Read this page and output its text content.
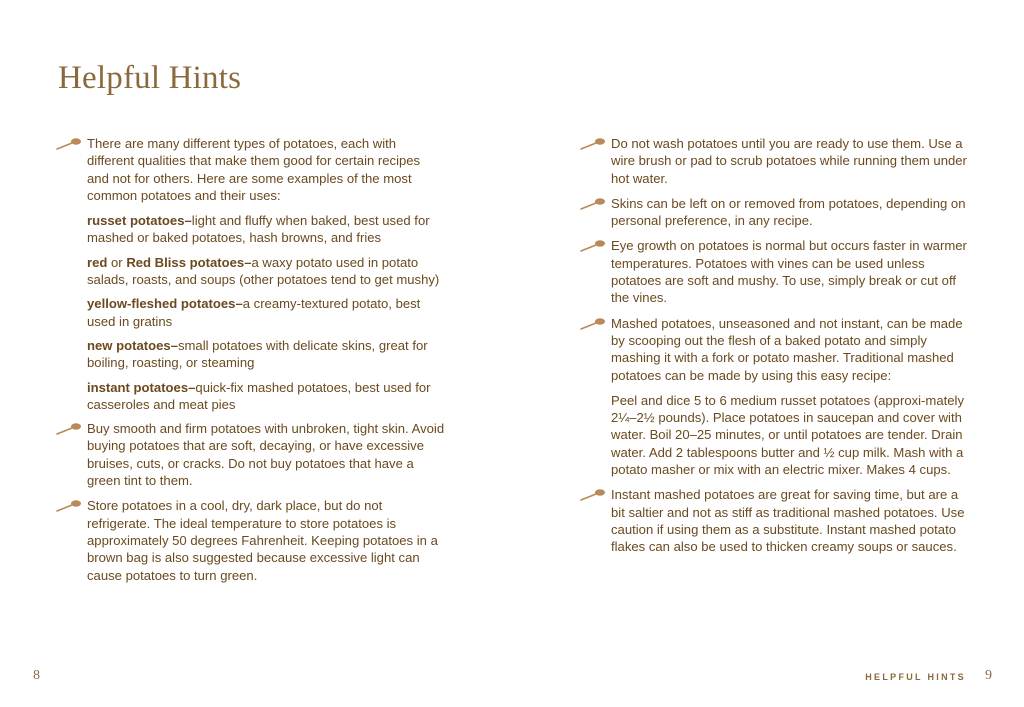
Helpful Hints
There are many different types of potatoes, each with different qualities that make them good for certain recipes and not for others. Here are some examples of the most common potatoes and their uses:
russet potatoes–light and fluffy when baked, best used for mashed or baked potatoes, hash browns, and fries
red or Red Bliss potatoes–a waxy potato used in potato salads, roasts, and soups (other potatoes tend to get mushy)
yellow-fleshed potatoes–a creamy-textured potato, best used in gratins
new potatoes–small potatoes with delicate skins, great for boiling, roasting, or steaming
instant potatoes–quick-fix mashed potatoes, best used for casseroles and meat pies
Buy smooth and firm potatoes with unbroken, tight skin. Avoid buying potatoes that are soft, decaying, or have excessive bruises, cuts, or cracks. Do not buy potatoes that have a green tint to them.
Store potatoes in a cool, dry, dark place, but do not refrigerate. The ideal temperature to store potatoes is approximately 50 degrees Fahrenheit. Keeping potatoes in a brown bag is also suggested because excessive light can cause potatoes to turn green.
Do not wash potatoes until you are ready to use them. Use a wire brush or pad to scrub potatoes while running them under hot water.
Skins can be left on or removed from potatoes, depending on personal preference, in any recipe.
Eye growth on potatoes is normal but occurs faster in warmer temperatures. Potatoes with vines can be used unless potatoes are soft and mushy. To use, simply break or cut off the vines.
Mashed potatoes, unseasoned and not instant, can be made by scooping out the flesh of a baked potato and simply mashing it with a fork or potato masher. Traditional mashed potatoes can be made by using this easy recipe:
Peel and dice 5 to 6 medium russet potatoes (approxi-mately 2¼–2½ pounds). Place potatoes in saucepan and cover with water. Boil 20–25 minutes, or until potatoes are tender. Drain water. Add 2 tablespoons butter and ½ cup milk. Mash with a potato masher or mix with an electric mixer. Makes 4 cups.
Instant mashed potatoes are great for saving time, but are a bit saltier and not as stiff as traditional mashed potatoes. Use caution if using them as a substitute. Instant mashed potato flakes can also be used to thicken creamy soups or sauces.
8	HELPFUL HINTS 9
